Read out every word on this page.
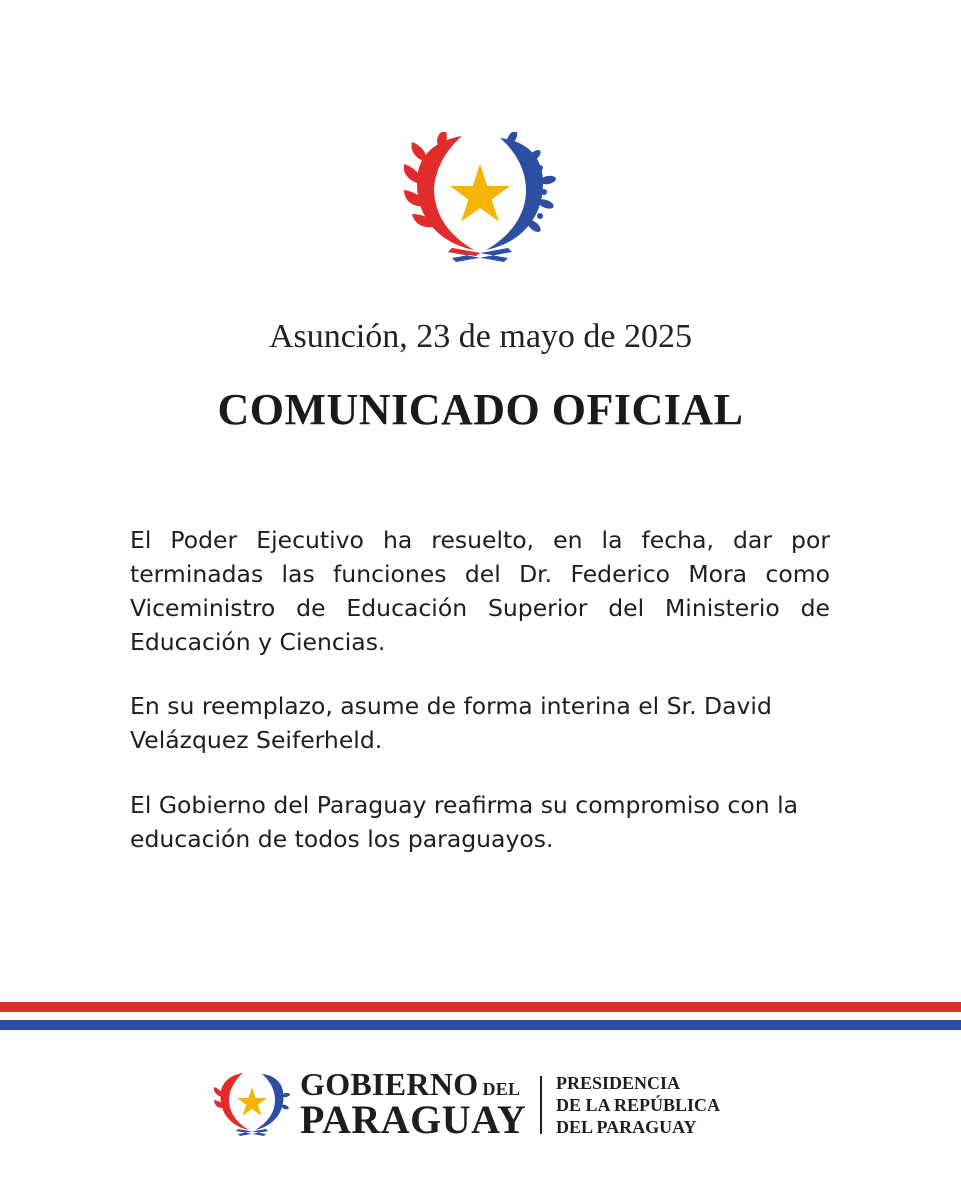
Asunción, 23 de mayo de 2025
COMUNICADO OFICIAL

El Poder Ejecutivo ha resuelto, en la fecha, dar por terminadas las funciones del Dr. Federico Mora como Viceministro de Educación Superior del Ministerio de Educación y Ciencias.

En su reemplazo, asume de forma interina el Sr. David Velázquez Seiferheld.

El Gobierno del Paraguay reafirma su compromiso con la educación de todos los paraguayos.

GOBIERNO DEL
PARAGUAY
PRESIDENCIA
DE LA REPÚBLICA
DEL PARAGUAY
